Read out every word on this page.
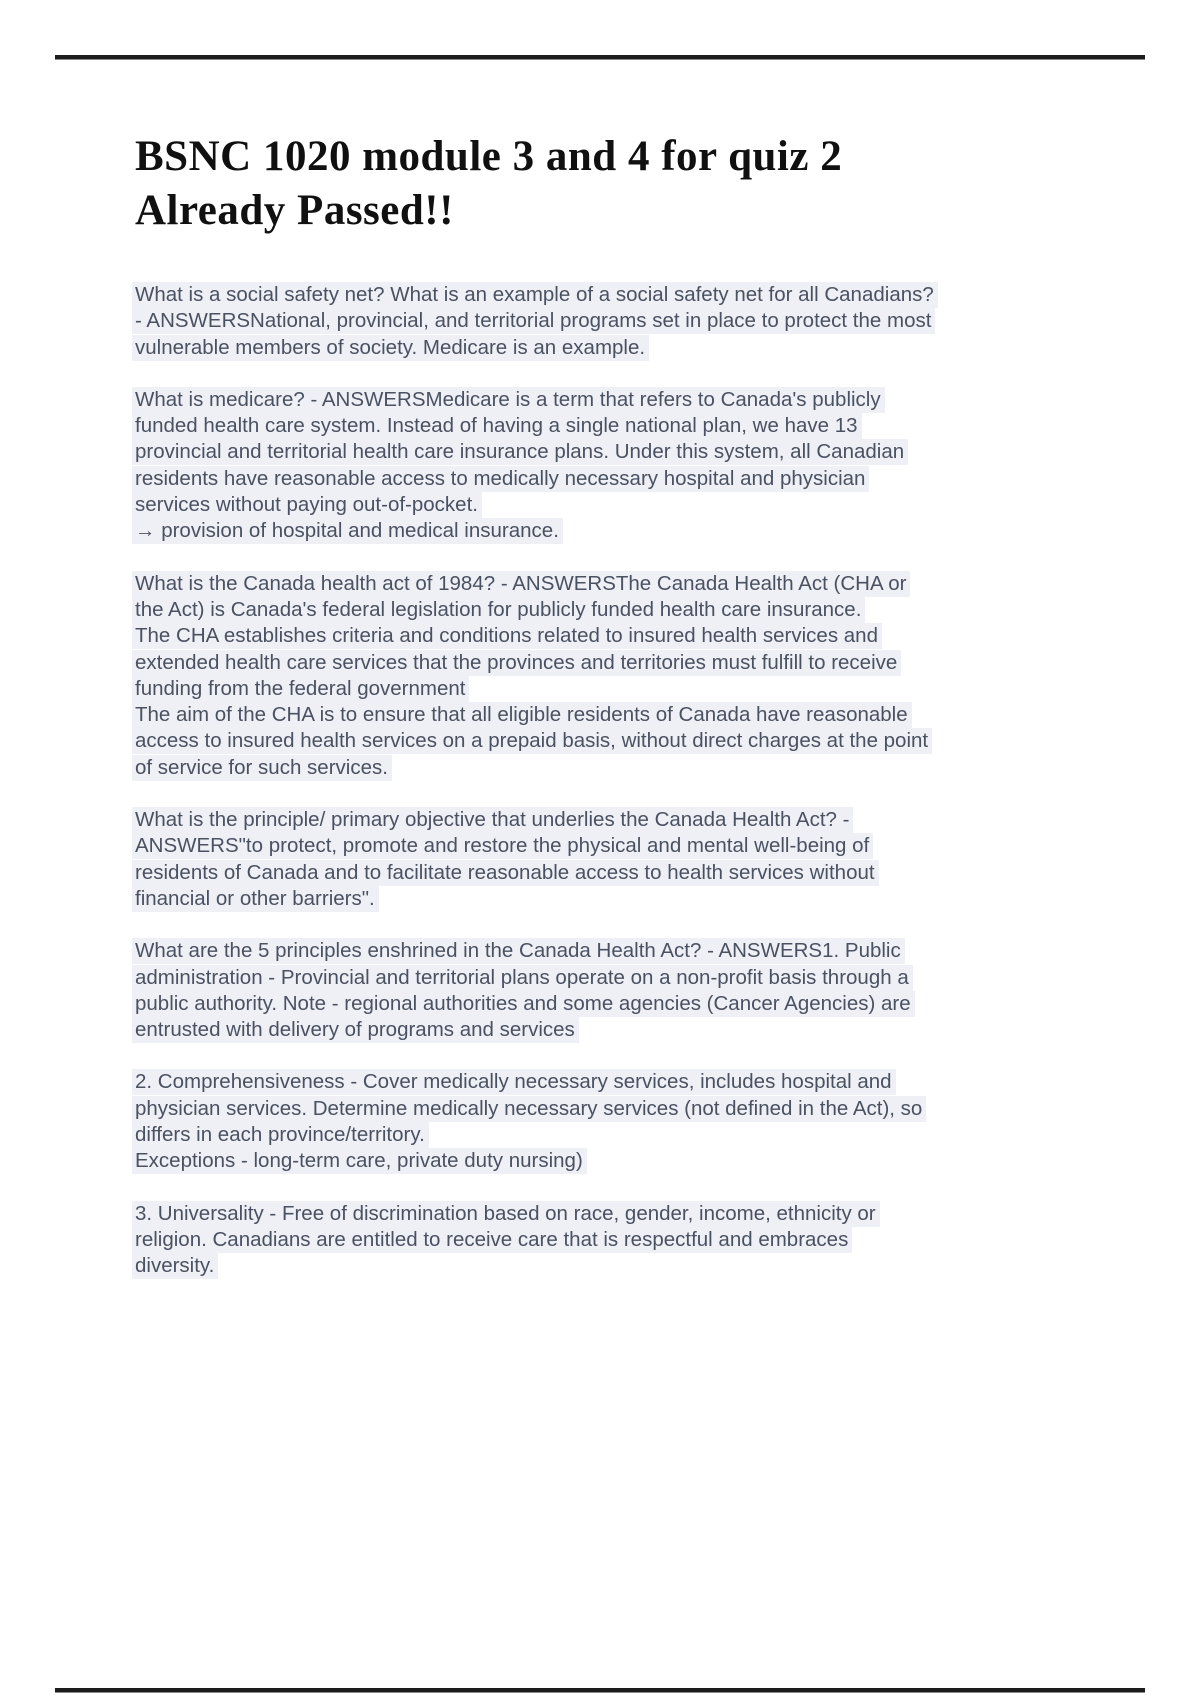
BSNC 1020 module 3 and 4 for quiz 2
Already Passed!!
What is a social safety net? What is an example of a social safety net for all Canadians?
- ANSWERSNational, provincial, and territorial programs set in place to protect the most
vulnerable members of society. Medicare is an example.
What is medicare? - ANSWERSMedicare is a term that refers to Canada's publicly
funded health care system. Instead of having a single national plan, we have 13
provincial and territorial health care insurance plans. Under this system, all Canadian
residents have reasonable access to medically necessary hospital and physician
services without paying out-of-pocket.
→ provision of hospital and medical insurance.
What is the Canada health act of 1984? - ANSWERSThe Canada Health Act (CHA or
the Act) is Canada's federal legislation for publicly funded health care insurance.
The CHA establishes criteria and conditions related to insured health services and
extended health care services that the provinces and territories must fulfill to receive
funding from the federal government
The aim of the CHA is to ensure that all eligible residents of Canada have reasonable
access to insured health services on a prepaid basis, without direct charges at the point
of service for such services.
What is the principle/ primary objective that underlies the Canada Health Act? -
ANSWERS"to protect, promote and restore the physical and mental well-being of
residents of Canada and to facilitate reasonable access to health services without
financial or other barriers".
What are the 5 principles enshrined in the Canada Health Act? - ANSWERS1. Public
administration - Provincial and territorial plans operate on a non-profit basis through a
public authority. Note - regional authorities and some agencies (Cancer Agencies) are
entrusted with delivery of programs and services
2. Comprehensiveness - Cover medically necessary services, includes hospital and
physician services. Determine medically necessary services (not defined in the Act), so
differs in each province/territory.
Exceptions - long-term care, private duty nursing)
3. Universality - Free of discrimination based on race, gender, income, ethnicity or
religion. Canadians are entitled to receive care that is respectful and embraces
diversity.
